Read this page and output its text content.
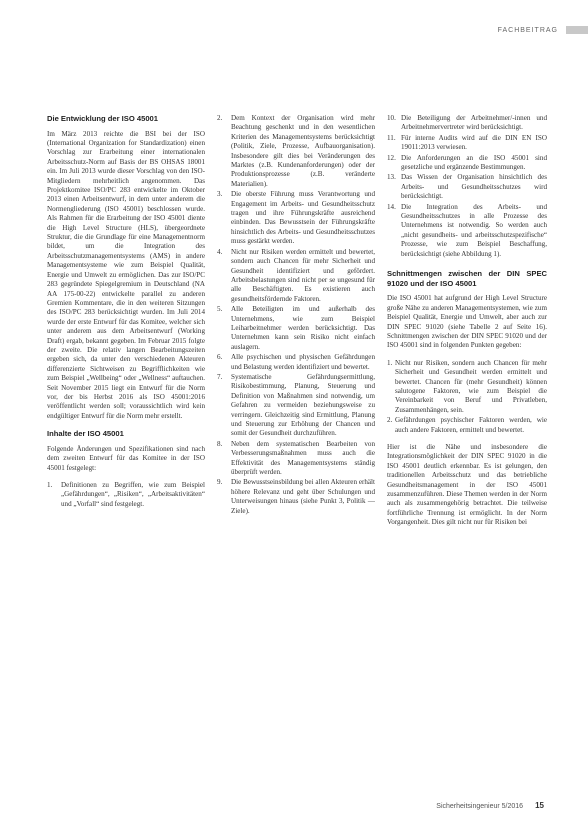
FACHBEITRAG
Die Entwicklung der ISO 45001

Im März 2013 reichte die BSI bei der ISO (International Organization for Standardization) einen Vorschlag zur Erarbeitung einer internationalen Arbeitsschutz-Norm auf Basis der BS OHSAS 18001 ein. Im Juli 2013 wurde dieser Vorschlag von den ISO-Mitgliedern mehrheitlich angenommen. Das Projektkomitee ISO/PC 283 entwickelte im Oktober 2013 einen Arbeitsentwurf, in dem unter anderem die Normengliederung (ISO 45001) beschlossen wurde. Als Rahmen für die Erarbeitung der ISO 45001 diente die High Level Structure (HLS), übergeordnete Struktur, die die Grundlage für eine Managementnorm bildet, um die Integration des Arbeitsschutzmanagementsystems (AMS) in andere Managementsysteme wie zum Beispiel Qualität, Energie und Umwelt zu ermöglichen. Das zur ISO/PC 283 gegründete Spiegelgremium in Deutschland (NA AA 175-00-22) entwickelte parallel zu anderen Gremien Kommentare, die in den weiteren Sitzungen des ISO/PC 283 berücksichtigt wurden. Im Juli 2014 wurde der erste Entwurf für das Komitee, welcher sich unter anderem aus dem Arbeitsentwurf (Working Draft) ergab, bekannt gegeben. Im Februar 2015 folgte der zweite. Die relativ langen Bearbeitungszeiten ergeben sich, da unter den verschiedenen Akteuren differenzierte Sichtweisen zu Begrifflichkeiten wie zum Beispiel „Wellbeing“ oder „Wellness“ auftauchen. Seit November 2015 liegt ein Entwurf für die Norm vor, der bis Herbst 2016 als ISO 45001:2016 veröffentlicht werden soll; voraussichtlich wird kein endgültiger Entwurf für die Norm mehr erstellt.

Inhalte der ISO 45001

Folgende Änderungen und Spezifikationen sind nach dem zweiten Entwurf für das Komitee in der ISO 45001 festgelegt:

1. Definitionen zu Begriffen, wie zum Beispiel „Gefährdungen“, „Risiken“, „Arbeitsaktivitäten“ und „Vorfall“ sind festgelegt.
2. Dem Kontext der Organisation wird mehr Beachtung geschenkt und in den wesentlichen Kriterien des Managementsystems berücksichtigt (Politik, Ziele, Prozesse, Aufbauorganisation). Insbesondere gilt dies bei Veränderungen des Marktes (z.B. Kundenanforderungen) oder der Produktionsprozesse (z.B. veränderte Materialien).
3. Die oberste Führung muss Verantwortung und Engagement im Arbeits- und Gesundheitsschutz tragen und ihre Führungskräfte ausreichend einbinden. Das Bewusstsein der Führungskräfte hinsichtlich des Arbeits- und Gesundheitsschutzes muss gestärkt werden.
4. Nicht nur Risiken werden ermittelt und bewertet, sondern auch Chancen für mehr Sicherheit und Gesundheit identifiziert und gefördert. Arbeitsbelastungen sind nicht per se ungesund für alle Beschäftigten. Es existieren auch gesundheitsfördernde Faktoren.
5. Alle Beteiligten im und außerhalb des Unternehmens, wie zum Beispiel Leiharbeitnehmer werden berücksichtigt. Das Unternehmen kann sein Risiko nicht einfach auslagern.
6. Alle psychischen und physischen Gefährdungen und Belastung werden identifiziert und bewertet.
7. Systematische Gefährdungsermittlung, Risikobestimmung, Planung, Steuerung und Definition von Maßnahmen sind notwendig, um Gefahren zu vermeiden beziehungsweise zu verringern. Gleichzeitig sind Ermittlung, Planung und Steuerung zur Erhöhung der Chancen und somit der Gesundheit durchzuführen.
8. Neben dem systematischen Bearbeiten von Verbesserungsmaßnahmen muss auch die Effektivität des Managementsystems ständig überprüft werden.
9. Die Bewusstseinsbildung bei allen Akteuren erhält höhere Relevanz und geht über Schulungen und Unterweisungen hinaus (siehe Punkt 3, Politik — Ziele).
10. Die Beteiligung der Arbeitnehmer/-innen und Arbeitnehmervertreter wird berücksichtigt.
11. Für interne Audits wird auf die DIN EN ISO 19011:2013 verwiesen.
12. Die Anforderungen an die ISO 45001 sind gesetzliche und ergänzende Bestimmungen.
13. Das Wissen der Organisation hinsichtlich des Arbeits- und Gesundheitsschutzes wird berücksichtigt.
14. Die Integration des Arbeits- und Gesundheitsschutzes in alle Prozesse des Unternehmens ist notwendig. So werden auch „nicht gesundheits- und arbeitsschutzspezifische“ Prozesse, wie zum Beispiel Beschaffung, berücksichtigt (siehe Abbildung 1).
Schnittmengen zwischen der DIN SPEC 91020 und der ISO 45001

Die ISO 45001 hat aufgrund der High Level Structure große Nähe zu anderen Managementsystemen, wie zum Beispiel Qualität, Energie und Umwelt, aber auch zur DIN SPEC 91020 (siehe Tabelle 2 auf Seite 16). Schnittmengen zwischen der DIN SPEC 91020 und der ISO 45001 sind in folgenden Punkten gegeben:

1. Nicht nur Risiken, sondern auch Chancen für mehr Sicherheit und Gesundheit werden ermittelt und bewertet. Chancen für (mehr Gesundheit) können salutogene Faktoren, wie zum Beispiel die Vereinbarkeit von Beruf und Privatleben, Zusammenhängen, sein.
2. Gefährdungen psychischer Faktoren werden, wie auch andere Faktoren, ermittelt und bewertet.

Hier ist die Nähe und insbesondere die Integrationsmöglichkeit der DIN SPEC 91020 in die ISO 45001 deutlich erkennbar. Es ist gelungen, den traditionellen Arbeitsschutz und das betriebliche Gesundheitsmanagement in der ISO 45001 zusammenzuführen. Diese Themen werden in der Norm auch als zusammengehörig betrachtet. Die teilweise fortführliche Trennung ist ermöglicht. In der Norm Vorgangenheit. Dies gilt nicht nur für Risiken bei

Sicherheitsingenieur 5/2016 15
